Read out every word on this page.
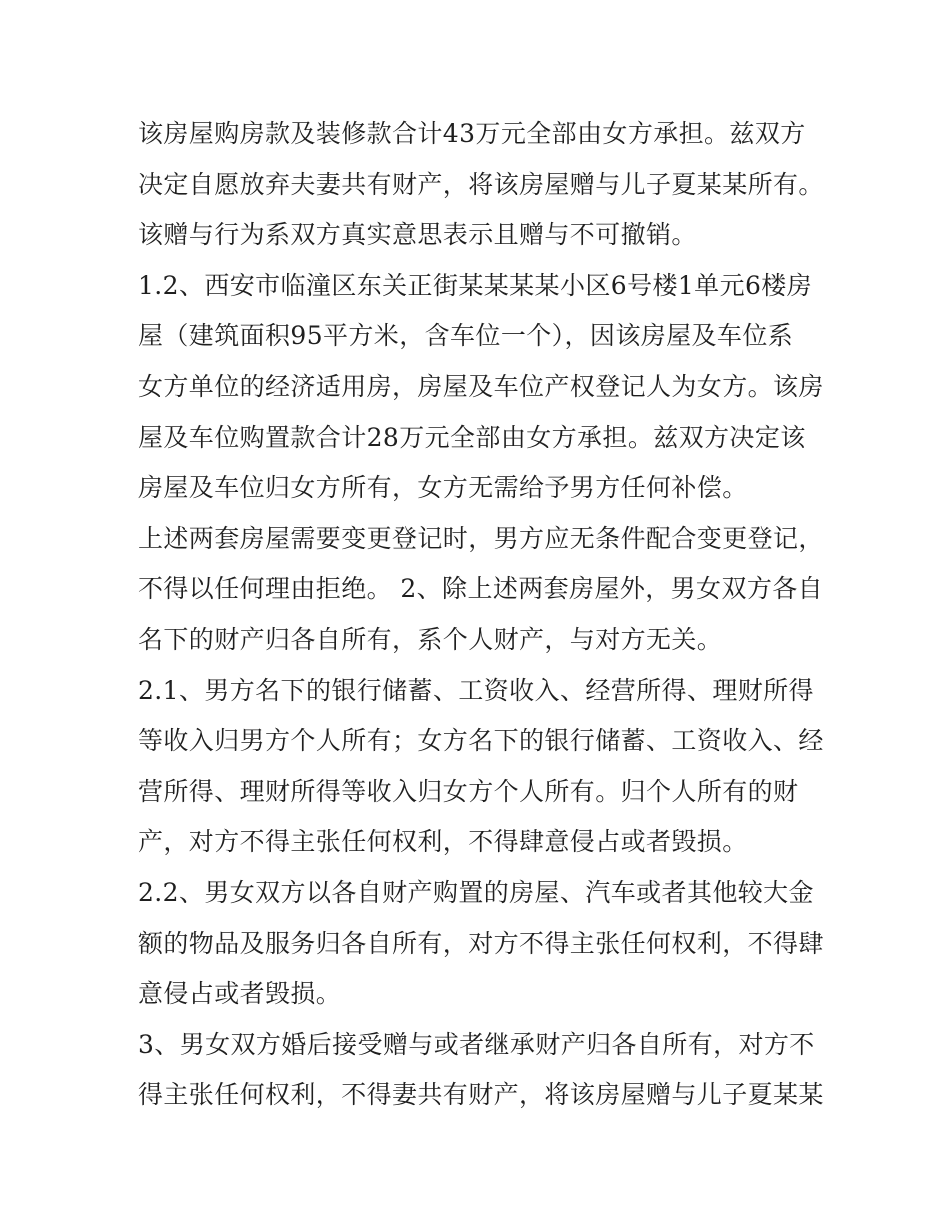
该房屋购房款及装修款合计43万元全部由女方承担。兹双方
决定自愿放弃夫妻共有财产，将该房屋赠与儿子夏某某所有。
该赠与行为系双方真实意思表示且赠与不可撤销。
1.2、西安市临潼区东关正街某某某某小区6号楼1单元6楼房
屋（建筑面积95平方米，含车位一个），因该房屋及车位系
女方单位的经济适用房，房屋及车位产权登记人为女方。该房
屋及车位购置款合计28万元全部由女方承担。兹双方决定该
房屋及车位归女方所有，女方无需给予男方任何补偿。
上述两套房屋需要变更登记时，男方应无条件配合变更登记，
不得以任何理由拒绝。 2、除上述两套房屋外，男女双方各自
名下的财产归各自所有，系个人财产，与对方无关。
2.1、男方名下的银行储蓄、工资收入、经营所得、理财所得
等收入归男方个人所有；女方名下的银行储蓄、工资收入、经
营所得、理财所得等收入归女方个人所有。归个人所有的财
产，对方不得主张任何权利，不得肆意侵占或者毁损。
2.2、男女双方以各自财产购置的房屋、汽车或者其他较大金
额的物品及服务归各自所有，对方不得主张任何权利，不得肆
意侵占或者毁损。
3、男女双方婚后接受赠与或者继承财产归各自所有，对方不
得主张任何权利，不得妻共有财产，将该房屋赠与儿子夏某某
